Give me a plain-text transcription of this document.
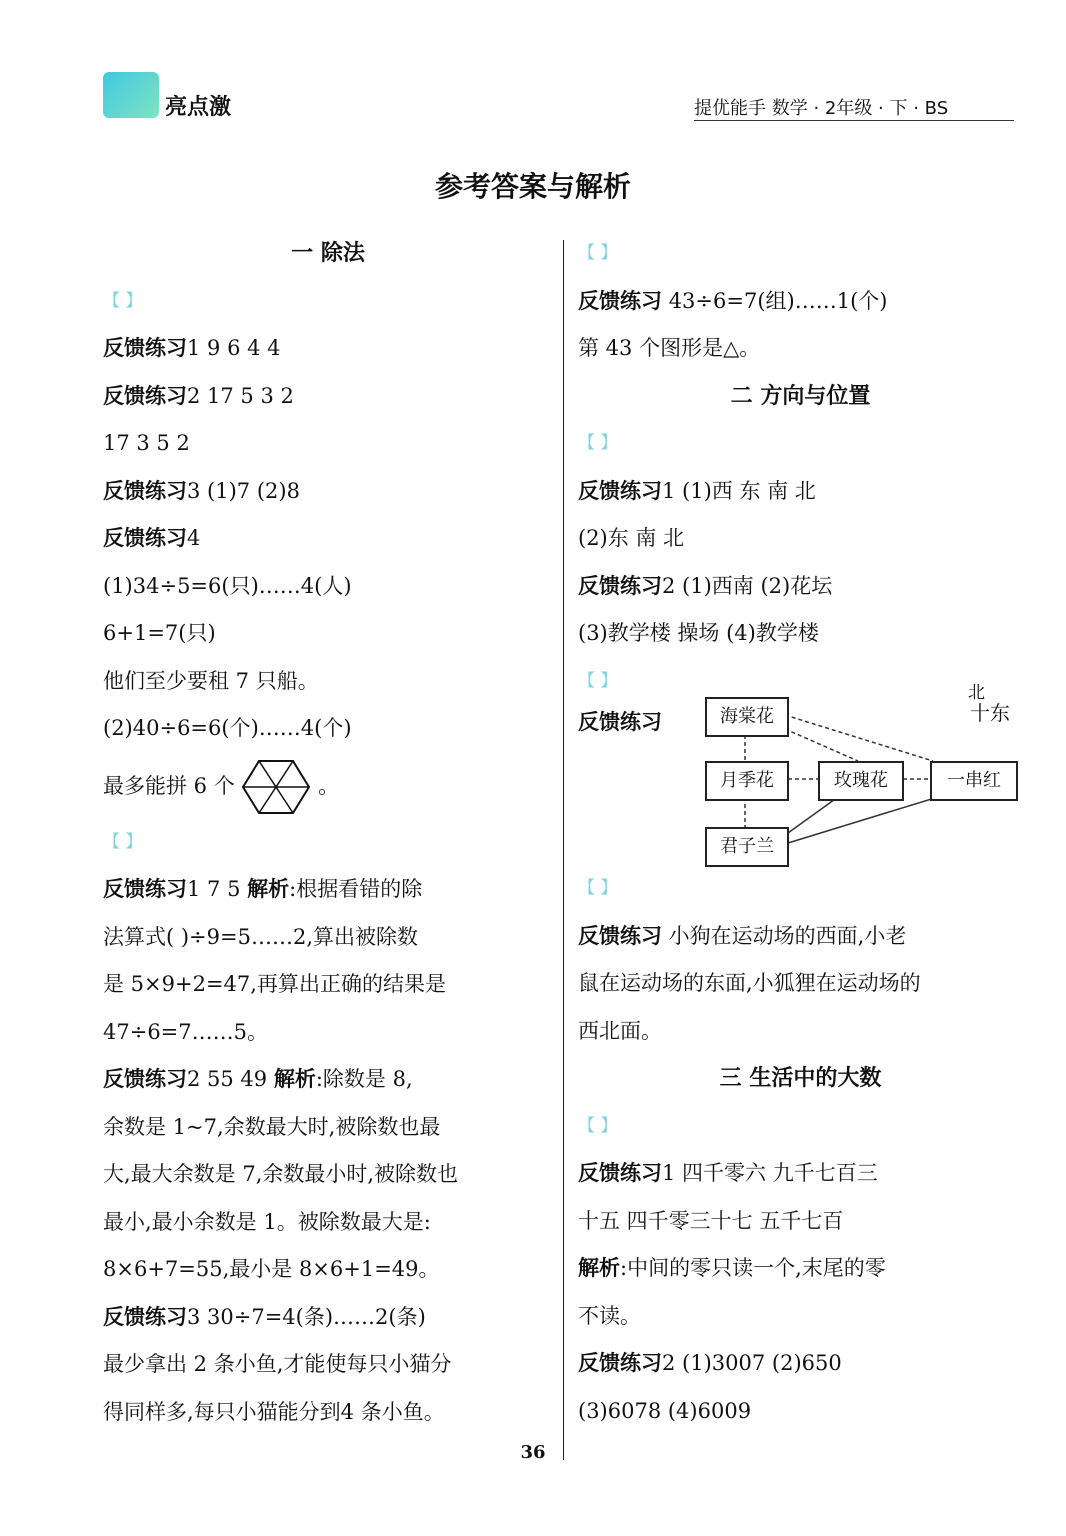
亮点激	提优能手 数学 · 2年级 · 下 · BS
参考答案与解析
一 除法
【 】
反馈练习1 9 6 4 4
反馈练习2 17 5 3 2
17 3 5 2
反馈练习3 (1)7 (2)8
反馈练习4
(1)34÷5=6(只)……4(人)
6+1=7(只)
他们至少要租 7 只船。
(2)40÷6=6(个)……4(个)
最多能拼 6 个	。
【 】
反馈练习1 7 5 解析:根据看错的除
法算式( )÷9=5……2,算出被除数
是 5×9+2=47,再算出正确的结果是
47÷6=7……5。
反馈练习2 55 49 解析:除数是 8,
余数是 1~7,余数最大时,被除数也最
大,最大余数是 7,余数最小时,被除数也
最小,最小余数是 1。被除数最大是:
8×6+7=55,最小是 8×6+1=49。
反馈练习3 30÷7=4(条)……2(条)
最少拿出 2 条小鱼,才能使每只小猫分
得同样多,每只小猫能分到4 条小鱼。
【 】
反馈练习 43÷6=7(组)……1(个)
第 43 个图形是△。
二 方向与位置
【 】
反馈练习1 (1)西 东 南 北
(2)东 南 北
反馈练习2 (1)西南 (2)花坛
(3)教学楼 操场 (4)教学楼
【 】
反馈练习	海棠花
月季花	玫瑰花	一串红
君子兰
北
十东
【 】
反馈练习 小狗在运动场的西面,小老
鼠在运动场的东面,小狐狸在运动场的
西北面。
三 生活中的大数
【 】
反馈练习1 四千零六 九千七百三
十五 四千零三十七 五千七百
解析:中间的零只读一个,末尾的零
不读。
反馈练习2 (1)3007 (2)650
(3)6078 (4)6009
36
